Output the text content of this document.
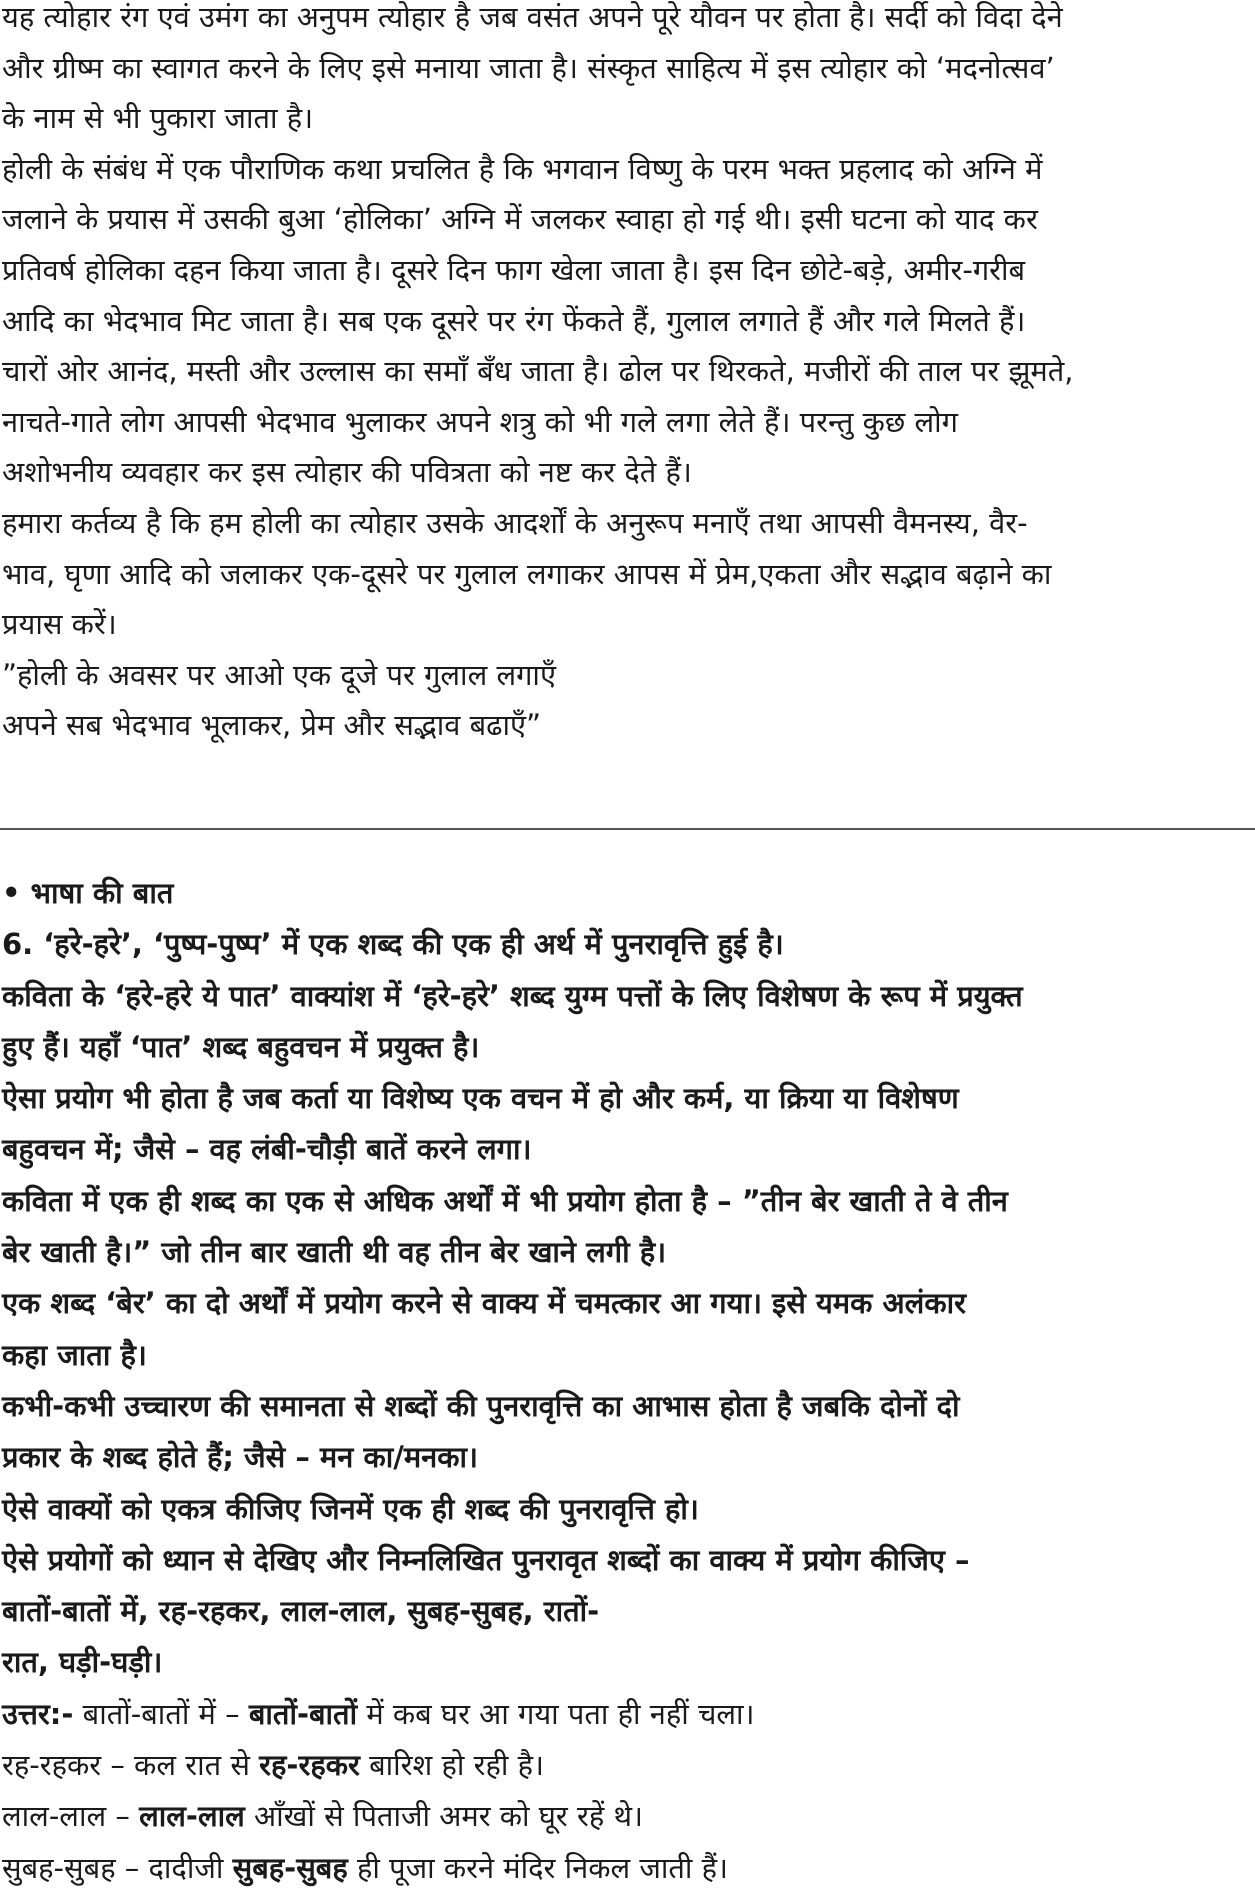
यह त्योहार रंग एवं उमंग का अनुपम त्योहार है जब वसंत अपने पूरे यौवन पर होता है। सर्दी को विदा देने
और ग्रीष्म का स्वागत करने के लिए इसे मनाया जाता है। संस्कृत साहित्य में इस त्योहार को ‘मदनोत्सव’
के नाम से भी पुकारा जाता है।
होली के संबंध में एक पौराणिक कथा प्रचलित है कि भगवान विष्णु के परम भक्त प्रहलाद को अग्नि में
जलाने के प्रयास में उसकी बुआ ‘होलिका’ अग्नि में जलकर स्वाहा हो गई थी। इसी घटना को याद कर
प्रतिवर्ष होलिका दहन किया जाता है। दूसरे दिन फाग खेला जाता है। इस दिन छोटे-बड़े, अमीर-गरीब
आदि का भेदभाव मिट जाता है। सब एक दूसरे पर रंग फेंकते हैं, गुलाल लगाते हैं और गले मिलते हैं।
चारों ओर आनंद, मस्ती और उल्लास का समाँ बँध जाता है। ढोल पर थिरकते, मजीरों की ताल पर झूमते,
नाचते-गाते लोग आपसी भेदभाव भुलाकर अपने शत्रु को भी गले लगा लेते हैं। परन्तु कुछ लोग
अशोभनीय व्यवहार कर इस त्योहार की पवित्रता को नष्ट कर देते हैं।
हमारा कर्तव्य है कि हम होली का त्योहार उसके आदर्शों के अनुरूप मनाएँ तथा आपसी वैमनस्य, वैर-
भाव, घृणा आदि को जलाकर एक-दूसरे पर गुलाल लगाकर आपस में प्रेम,एकता और सद्भाव बढ़ाने का
प्रयास करें।
”होली के अवसर पर आओ एक दूजे पर गुलाल लगाएँ
अपने सब भेदभाव भूलाकर, प्रेम और सद्भाव बढाएँ”
• भाषा की बात
6. ‘हरे-हरे’, ‘पुष्प-पुष्प’ में एक शब्द की एक ही अर्थ में पुनरावृत्ति हुई है।
कविता के ‘हरे-हरे ये पात’ वाक्यांश में ‘हरे-हरे’ शब्द युग्म पत्तों के लिए विशेषण के रूप में प्रयुक्त
हुए हैं। यहाँ ‘पात’ शब्द बहुवचन में प्रयुक्त है।
ऐसा प्रयोग भी होता है जब कर्ता या विशेष्य एक वचन में हो और कर्म, या क्रिया या विशेषण
बहुवचन में; जैसे – वह लंबी-चौड़ी बातें करने लगा।
कविता में एक ही शब्द का एक से अधिक अर्थों में भी प्रयोग होता है – ”तीन बेर खाती ते वे तीन
बेर खाती है।” जो तीन बार खाती थी वह तीन बेर खाने लगी है।
एक शब्द ‘बेर’ का दो अर्थों में प्रयोग करने से वाक्य में चमत्कार आ गया। इसे यमक अलंकार
कहा जाता है।
कभी-कभी उच्चारण की समानता से शब्दों की पुनरावृत्ति का आभास होता है जबकि दोनों दो
प्रकार के शब्द होते हैं; जैसे – मन का/मनका।
ऐसे वाक्यों को एकत्र कीजिए जिनमें एक ही शब्द की पुनरावृत्ति हो।
ऐसे प्रयोगों को ध्यान से देखिए और निम्नलिखित पुनरावृत शब्दों का वाक्य में प्रयोग कीजिए –
बातों-बातों में, रह-रहकर, लाल-लाल, सुबह-सुबह, रातों-
रात, घड़ी-घड़ी।
उत्तर:- बातों-बातों में – बातों-बातों में कब घर आ गया पता ही नहीं चला।
रह-रहकर – कल रात से रह-रहकर बारिश हो रही है।
लाल-लाल – लाल-लाल आँखों से पिताजी अमर को घूर रहें थे।
सुबह-सुबह – दादीजी सुबह-सुबह ही पूजा करने मंदिर निकल जाती हैं।
